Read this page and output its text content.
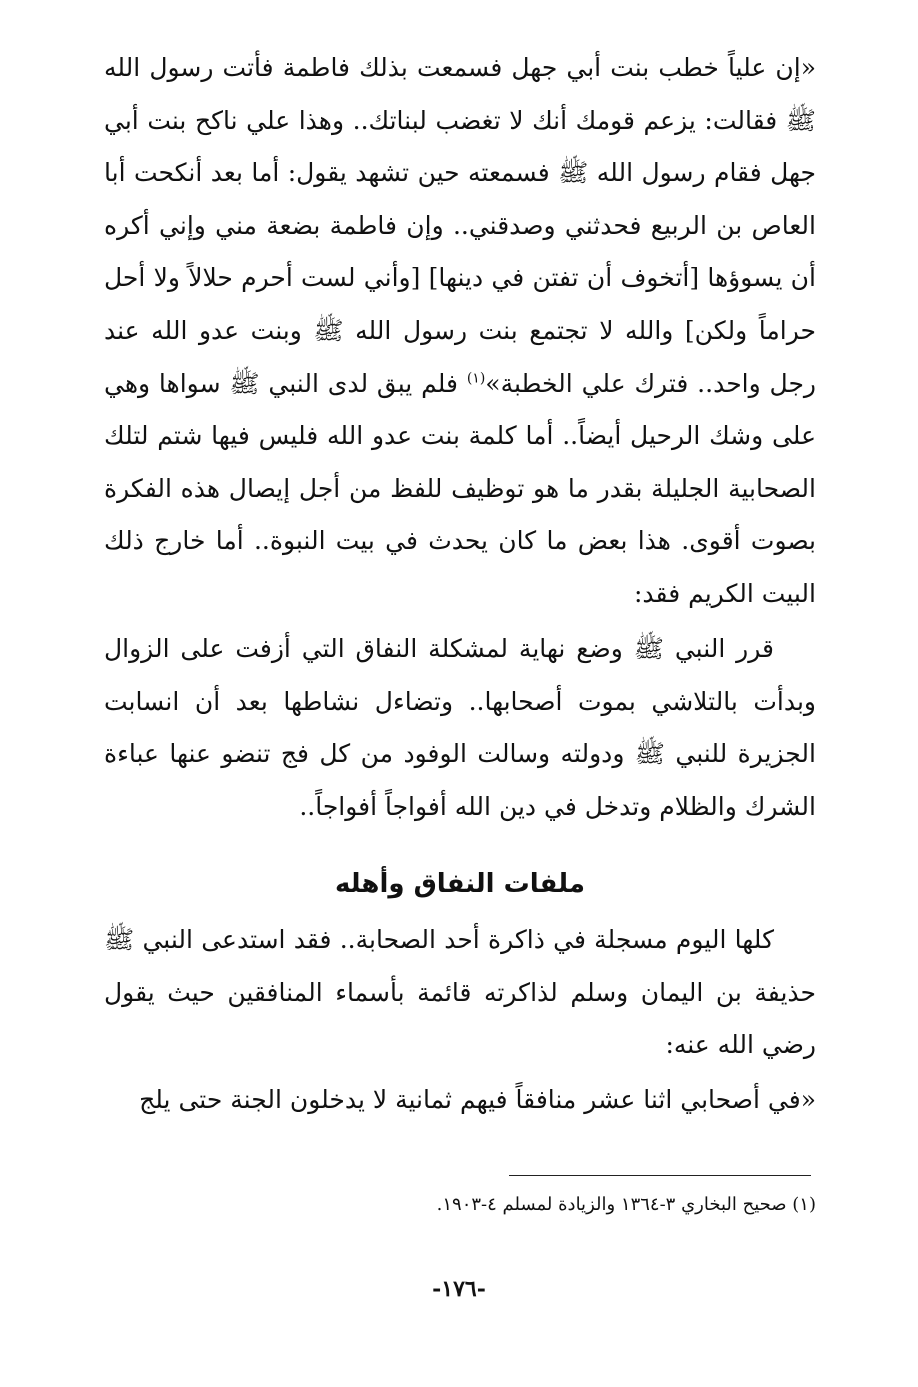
«إن علياً خطب بنت أبي جهل فسمعت بذلك فاطمة فأتت رسول الله ﷺ فقالت: يزعم قومك أنك لا تغضب لبناتك.. وهذا علي ناكح بنت أبي جهل فقام رسول الله ﷺ فسمعته حين تشهد يقول: أما بعد أنكحت أبا العاص بن الربيع فحدثني وصدقني.. وإن فاطمة بضعة مني وإني أكره أن يسوؤها [أتخوف أن تفتن في دينها] [وأني لست أحرم حلالاً ولا أحل حراماً ولكن] والله لا تجتمع بنت رسول الله ﷺ وبنت عدو الله عند رجل واحد.. فترك علي الخطبة»$^{(١)}$ فلم يبق لدى النبي ﷺ سواها وهي على وشك الرحيل أيضاً.. أما كلمة بنت عدو الله فليس فيها شتم لتلك الصحابية الجليلة بقدر ما هو توظيف للفظ من أجل إيصال هذه الفكرة بصوت أقوى. هذا بعض ما كان يحدث في بيت النبوة.. أما خارج ذلك البيت الكريم فقد:

قرر النبي ﷺ وضع نهاية لمشكلة النفاق التي أزفت على الزوال وبدأت بالتلاشي بموت أصحابها.. وتضاءل نشاطها بعد أن انسابت الجزيرة للنبي ﷺ ودولته وسالت الوفود من كل فج تنضو عنها عباءة الشرك والظلام وتدخل في دين الله أفواجاً أفواجاً..

ملفات النفاق وأهله

كلها اليوم مسجلة في ذاكرة أحد الصحابة.. فقد استدعى النبي ﷺ حذيفة بن اليمان وسلم لذاكرته قائمة بأسماء المنافقين حيث يقول رضي الله عنه:

«في أصحابي اثنا عشر منافقاً فيهم ثمانية لا يدخلون الجنة حتى يلج

(١) صحيح البخاري ٣-١٣٦٤ والزيادة لمسلم ٤-١٩٠٣.

-١٧٦-
